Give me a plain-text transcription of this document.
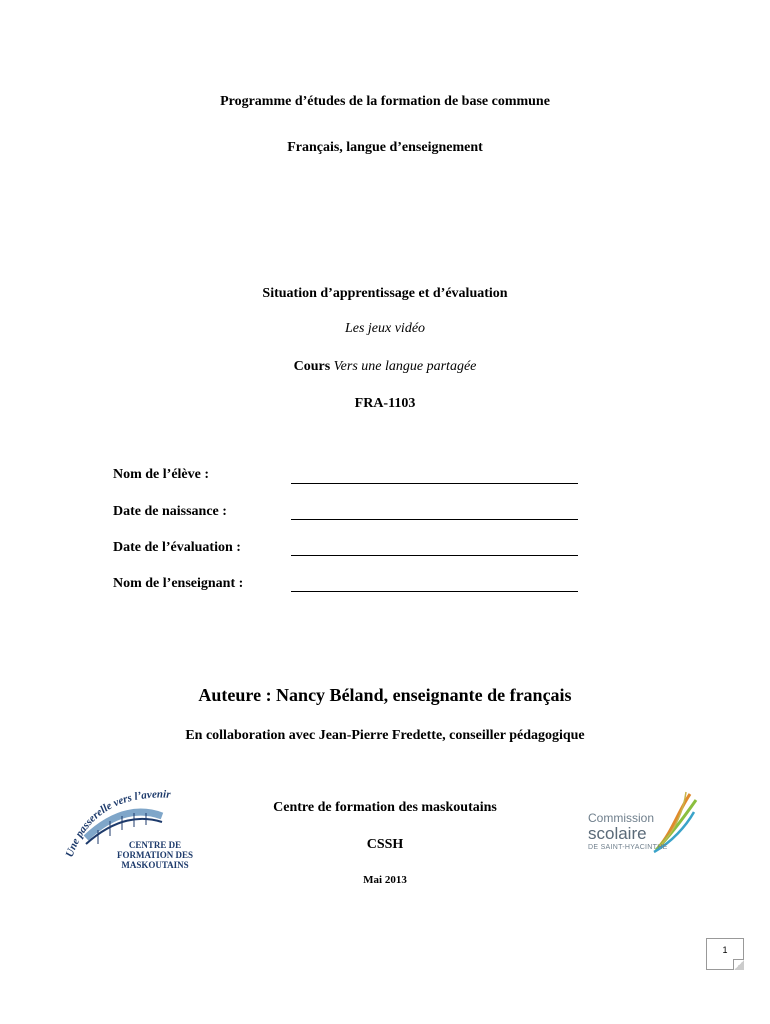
Programme d’études de la formation de base commune
Français, langue d’enseignement
Situation d’apprentissage et d’évaluation
Les jeux vidéo
Cours Vers une langue partagée
FRA-1103
Nom de l’élève :
Date de naissance :
Date de l’évaluation :
Nom de l’enseignant :
Auteure : Nancy Béland, enseignante de français
En collaboration avec Jean-Pierre Fredette, conseiller pédagogique
Centre de formation des maskoutains
CSSH
Mai 2013
Une passerelle vers l’avenir
CENTRE DE
FORMATION DES
MASKOUTAINS
Commission
scolaire
DE SAINT-HYACINTHE
1
